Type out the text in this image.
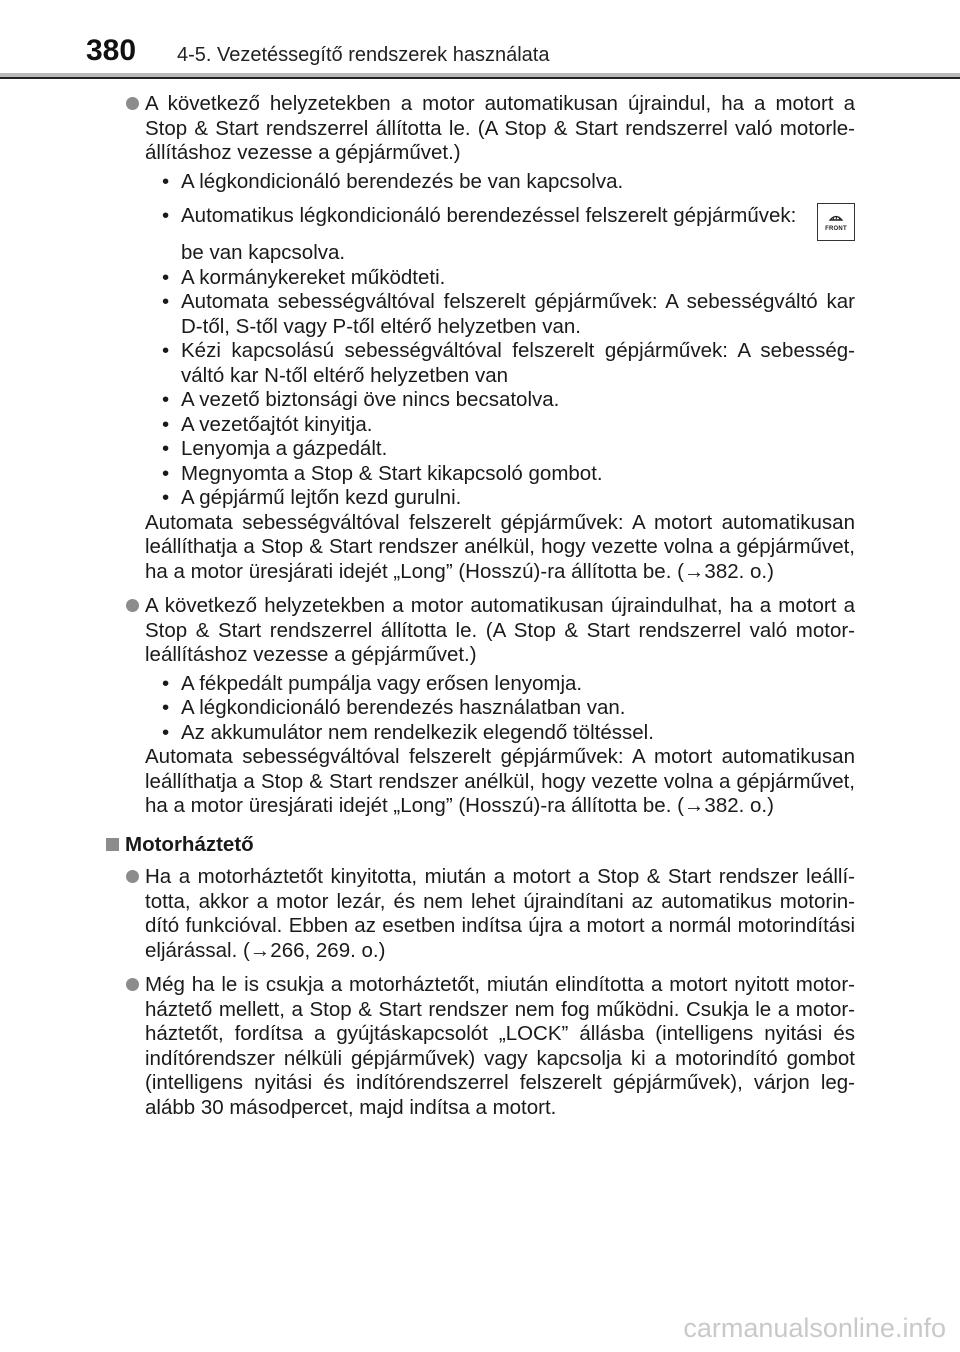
380 4-5. Vezetéssegítő rendszerek használata
A következő helyzetekben a motor automatikusan újraindul, ha a motort a Stop & Start rendszerrel állította le. (A Stop & Start rendszerrel való motorleállításhoz vezesse a gépjárművet.)
• A légkondicionáló berendezés be van kapcsolva.
• Automatikus légkondicionáló berendezéssel felszerelt gépjárművek:
FRONT
be van kapcsolva.
• A kormánykereket működteti.
• Automata sebességváltóval felszerelt gépjárművek: A sebességváltó kar D-től, S-től vagy P-től eltérő helyzetben van.
• Kézi kapcsolású sebességváltóval felszerelt gépjárművek: A sebességváltó kar N-től eltérő helyzetben van
• A vezető biztonsági öve nincs becsatolva.
• A vezetőajtót kinyitja.
• Lenyomja a gázpedált.
• Megnyomta a Stop & Start kikapcsoló gombot.
• A gépjármű lejtőn kezd gurulni.
Automata sebességváltóval felszerelt gépjárművek: A motort automatikusan leállíthatja a Stop & Start rendszer anélkül, hogy vezette volna a gépjárművet, ha a motor üresjárati idejét „Long” (Hosszú)-ra állította be. (→382. o.)
A következő helyzetekben a motor automatikusan újraindulhat, ha a motort a Stop & Start rendszerrel állította le. (A Stop & Start rendszerrel való motorleállításhoz vezesse a gépjárművet.)
• A fékpedált pumpálja vagy erősen lenyomja.
• A légkondicionáló berendezés használatban van.
• Az akkumulátor nem rendelkezik elegendő töltéssel.
Automata sebességváltóval felszerelt gépjárművek: A motort automatikusan leállíthatja a Stop & Start rendszer anélkül, hogy vezette volna a gépjárművet, ha a motor üresjárati idejét „Long” (Hosszú)-ra állította be. (→382. o.)
Motorháztető
Ha a motorháztetőt kinyitotta, miután a motort a Stop & Start rendszer leállította, akkor a motor lezár, és nem lehet újraindítani az automatikus motorindító funkcióval. Ebben az esetben indítsa újra a motort a normál motorindítási eljárással. (→266, 269. o.)
Még ha le is csukja a motorháztetőt, miután elindította a motort nyitott motorháztető mellett, a Stop & Start rendszer nem fog működni. Csukja le a motorháztetőt, fordítsa a gyújtáskapcsolót „LOCK” állásba (intelligens nyitási és indítórendszer nélküli gépjárművek) vagy kapcsolja ki a motorindító gombot (intelligens nyitási és indítórendszerrel felszerelt gépjárművek), várjon legalább 30 másodpercet, majd indítsa a motort.
carmanualsonline.info
